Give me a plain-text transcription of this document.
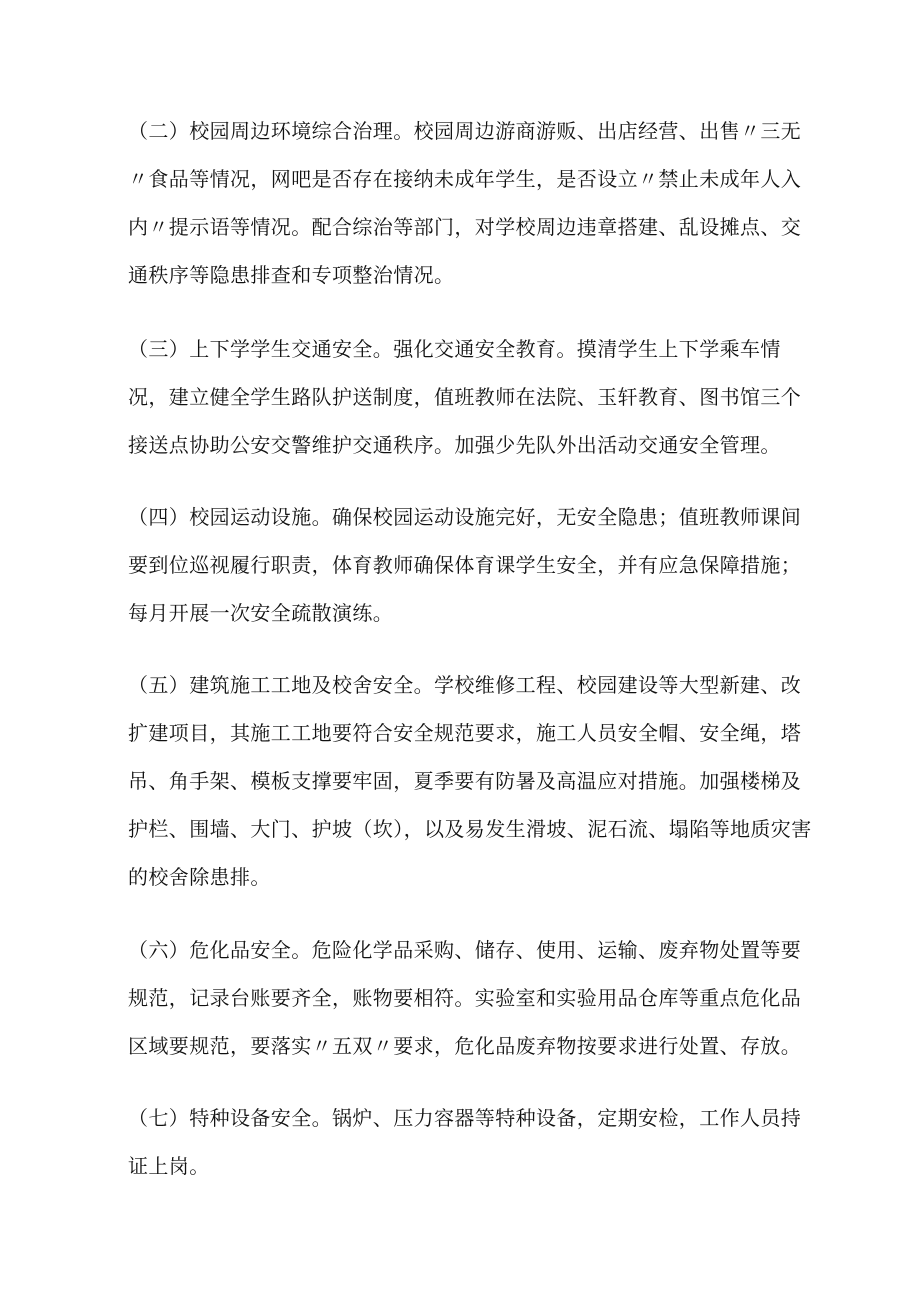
（二）校园周边环境综合治理。校园周边游商游贩、出店经营、出售〃三无〃食品等情况，网吧是否存在接纳未成年学生，是否设立〃禁止未成年人入内〃提示语等情况。配合综治等部门，对学校周边违章搭建、乱设摊点、交通秩序等隐患排查和专项整治情况。

（三）上下学学生交通安全。强化交通安全教育。摸清学生上下学乘车情况，建立健全学生路队护送制度，值班教师在法院、玉轩教育、图书馆三个接送点协助公安交警维护交通秩序。加强少先队外出活动交通安全管理。

（四）校园运动设施。确保校园运动设施完好，无安全隐患；值班教师课间要到位巡视履行职责，体育教师确保体育课学生安全，并有应急保障措施；每月开展一次安全疏散演练。

（五）建筑施工工地及校舍安全。学校维修工程、校园建设等大型新建、改扩建项目，其施工工地要符合安全规范要求，施工人员安全帽、安全绳，塔吊、角手架、模板支撑要牢固，夏季要有防暑及高温应对措施。加强楼梯及护栏、围墙、大门、护坡（坎），以及易发生滑坡、泥石流、塌陷等地质灾害的校舍除患排。

（六）危化品安全。危险化学品采购、储存、使用、运输、废弃物处置等要规范，记录台账要齐全，账物要相符。实验室和实验用品仓库等重点危化品区域要规范，要落实〃五双〃要求，危化品废弃物按要求进行处置、存放。

（七）特种设备安全。锅炉、压力容器等特种设备，定期安检，工作人员持证上岗。
